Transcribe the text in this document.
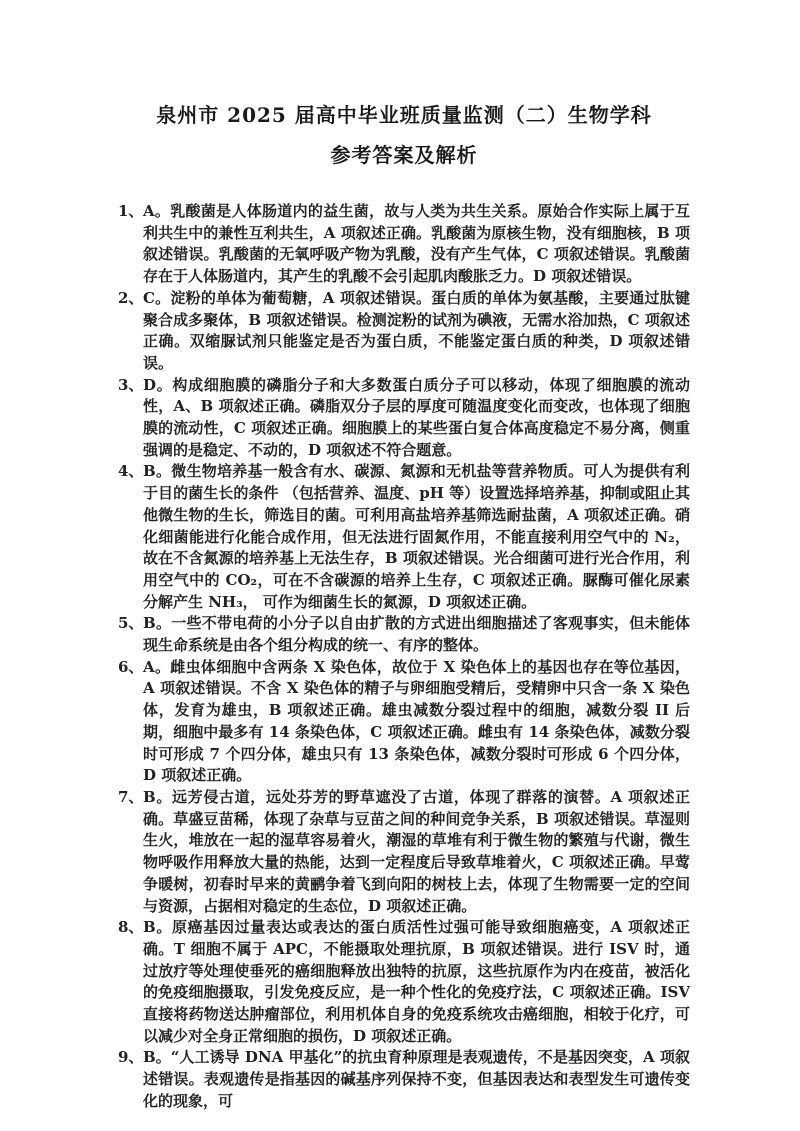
泉州市 2025 届高中毕业班质量监测（二）生物学科
参考答案及解析
1、 A。乳酸菌是人体肠道内的益生菌，故与人类为共生关系。原始合作实际上属于互利共生中的兼性互利共生，A 项叙述正确。乳酸菌为原核生物，没有细胞核，B 项叙述错误。乳酸菌的无氧呼吸产物为乳酸，没有产生气体，C 项叙述错误。乳酸菌存在于人体肠道内，其产生的乳酸不会引起肌肉酸胀乏力。D 项叙述错误。
2、 C。淀粉的单体为葡萄糖，A 项叙述错误。蛋白质的单体为氨基酸，主要通过肽键聚合成多聚体，B 项叙述错误。检测淀粉的试剂为碘液，无需水浴加热，C 项叙述正确。双缩脲试剂只能鉴定是否为蛋白质，不能鉴定蛋白质的种类，D 项叙述错误。
3、 D。构成细胞膜的磷脂分子和大多数蛋白质分子可以移动，体现了细胞膜的流动性，A、B 项叙述正确。磷脂双分子层的厚度可随温度变化而变改，也体现了细胞膜的流动性，C 项叙述正确。细胞膜上的某些蛋白复合体高度稳定不易分离，侧重强调的是稳定、不动的，D 项叙述不符合题意。
4、 B。微生物培养基一般含有水、碳源、氮源和无机盐等营养物质。可人为提供有利于目的菌生长的条件 （包括营养、温度、pH 等）设置选择培养基，抑制或阻止其他微生物的生长，筛选目的菌。可利用高盐培养基筛选耐盐菌，A 项叙述正确。硝化细菌能进行化能合成作用，但无法进行固氮作用，不能直接利用空气中的 N₂，故在不含氮源的培养基上无法生存，B 项叙述错误。光合细菌可进行光合作用，利用空气中的 CO₂，可在不含碳源的培养上生存，C 项叙述正确。脲酶可催化尿素分解产生 NH₃， 可作为细菌生长的氮源，D 项叙述正确。
5、 B。一些不带电荷的小分子以自由扩散的方式进出细胞描述了客观事实，但未能体现生命系统是由各个组分构成的统一、有序的整体。
6、 A。雌虫体细胞中含两条 X 染色体，故位于 X 染色体上的基因也存在等位基因，A 项叙述错误。不含 X 染色体的精子与卵细胞受精后，受精卵中只含一条 X 染色体，发育为雄虫，B 项叙述正确。雄虫减数分裂过程中的细胞，减数分裂 II 后期，细胞中最多有 14 条染色体，C 项叙述正确。雌虫有 14 条染色体，减数分裂时可形成 7 个四分体，雄虫只有 13 条染色体，减数分裂时可形成 6 个四分体，D 项叙述正确。
7、 B。远芳侵古道，远处芬芳的野草遮没了古道，体现了群落的演替。A 项叙述正确。草盛豆苗稀，体现了杂草与豆苗之间的种间竞争关系，B 项叙述错误。草湿则生火，堆放在一起的湿草容易着火，潮湿的草堆有利于微生物的繁殖与代谢，微生物呼吸作用释放大量的热能，达到一定程度后导致草堆着火，C 项叙述正确。早莺争暖树，初春时早来的黄鹂争着飞到向阳的树枝上去，体现了生物需要一定的空间与资源，占据相对稳定的生态位，D 项叙述正确。
8、 B。原癌基因过量表达或表达的蛋白质活性过强可能导致细胞癌变，A 项叙述正确。T 细胞不属于 APC，不能摄取处理抗原，B 项叙述错误。进行 ISV 时，通过放疗等处理使垂死的癌细胞释放出独特的抗原，这些抗原作为内在疫苗，被活化的免疫细胞摄取，引发免疫反应，是一种个性化的免疫疗法，C 项叙述正确。ISV 直接将药物送达肿瘤部位，利用机体自身的免疫系统攻击癌细胞，相较于化疗，可以减少对全身正常细胞的损伤，D 项叙述正确。
9、 B。“人工诱导 DNA 甲基化”的抗虫育种原理是表观遗传，不是基因突变，A 项叙述错误。表观遗传是指基因的碱基序列保持不变，但基因表达和表型发生可遗传变化的现象，可
